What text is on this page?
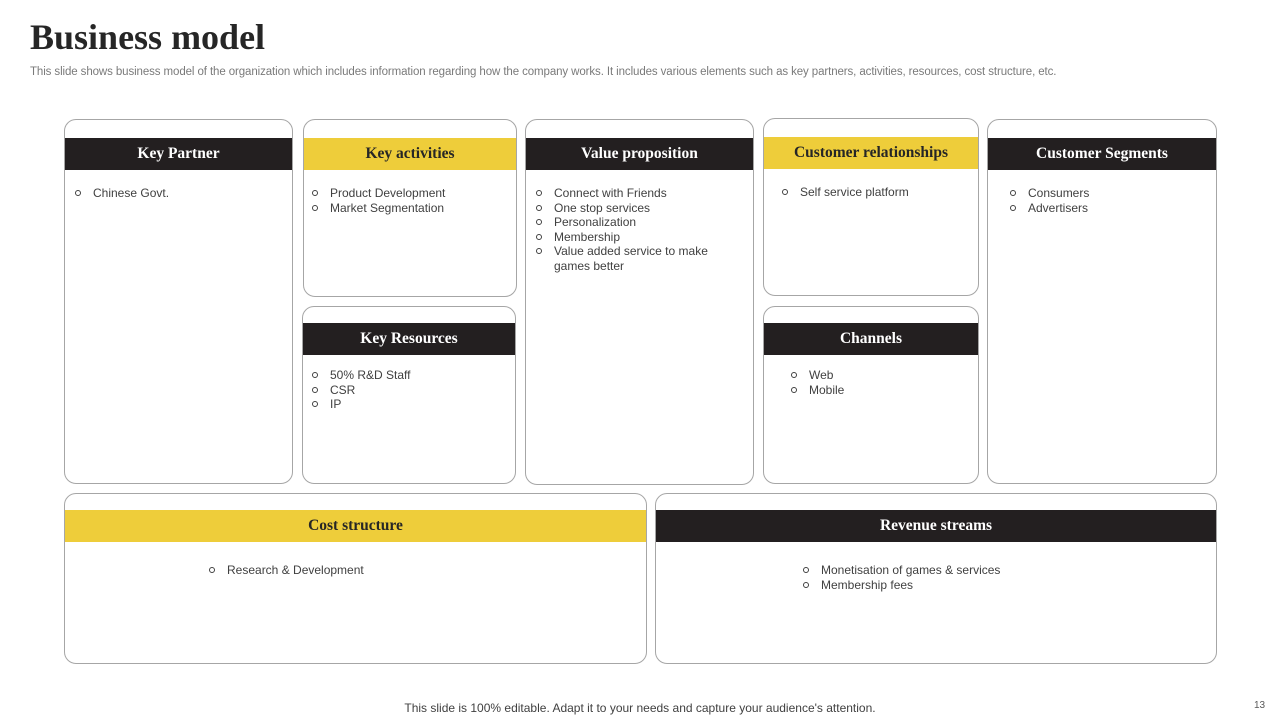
Business model

This slide shows business model of the organization which includes information regarding how the company works. It includes various elements such as key partners, activities, resources, cost structure, etc.

Key Partner
Chinese Govt.
Key activities
Product Development
Market Segmentation
Key Resources
50% R&D Staff
CSR
IP
Value proposition
Connect with Friends
One stop services
Personalization
Membership
Value added service to make games better
Customer relationships
Self service platform
Channels
Web
Mobile
Customer Segments
Consumers
Advertisers
Cost structure
Research & Development
Revenue streams
Monetisation of games & services
Membership fees

This slide is 100% editable. Adapt it to your needs and capture your audience's attention.	13
